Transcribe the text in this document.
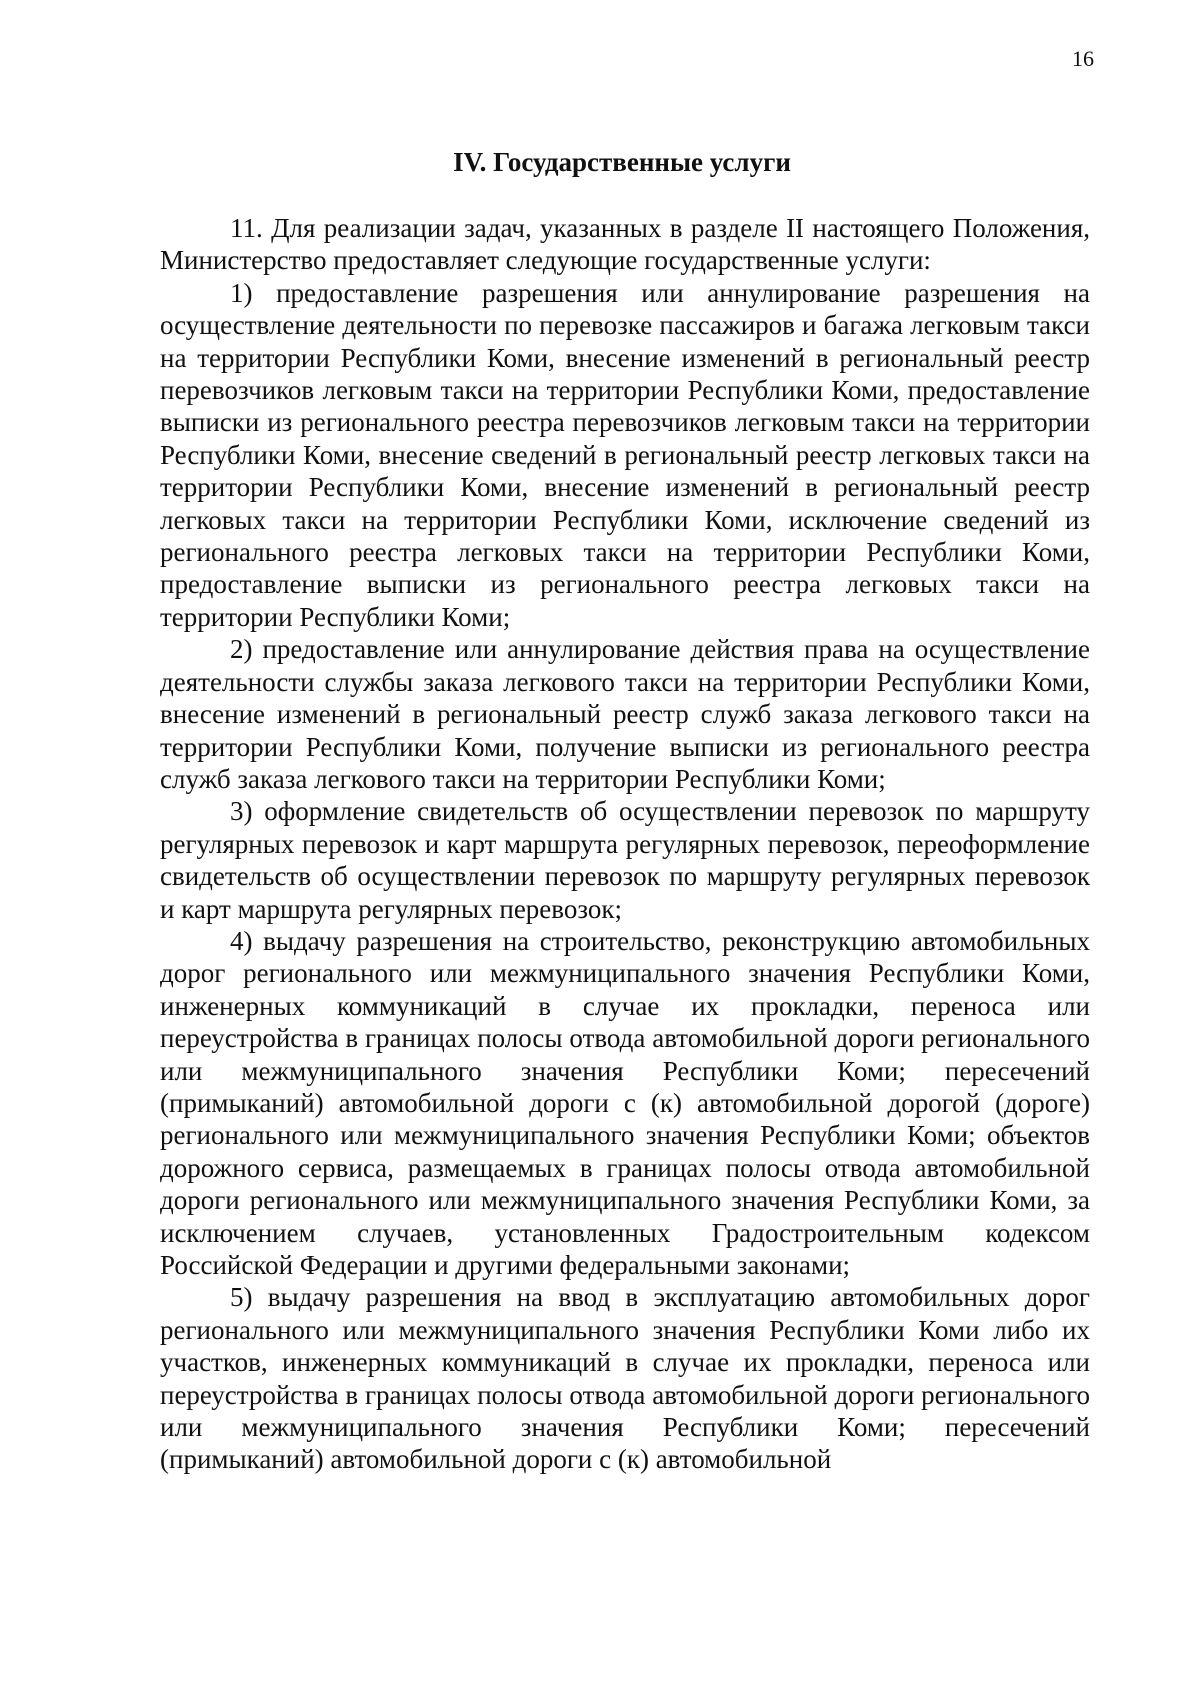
16
IV. Государственные услуги

11. Для реализации задач, указанных в разделе II настоящего Положения, Министерство предоставляет следующие государственные услуги:

1) предоставление разрешения или аннулирование разрешения на осуществление деятельности по перевозке пассажиров и багажа легковым такси на территории Республики Коми, внесение изменений в региональный реестр перевозчиков легковым такси на территории Республики Коми, предоставление выписки из регионального реестра перевозчиков легковым такси на территории Республики Коми, внесение сведений в региональный реестр легковых такси на территории Республики Коми, внесение изменений в региональный реестр легковых такси на территории Республики Коми, исключение сведений из регионального реестра легковых такси на территории Республики Коми, предоставление выписки из регионального реестра легковых такси на территории Республики Коми;

2) предоставление или аннулирование действия права на осуществление деятельности службы заказа легкового такси на территории Республики Коми, внесение изменений в региональный реестр служб заказа легкового такси на территории Республики Коми, получение выписки из регионального реестра служб заказа легкового такси на территории Республики Коми;

3) оформление свидетельств об осуществлении перевозок по маршруту регулярных перевозок и карт маршрута регулярных перевозок, переоформление свидетельств об осуществлении перевозок по маршруту регулярных перевозок и карт маршрута регулярных перевозок;

4) выдачу разрешения на строительство, реконструкцию автомобильных дорог регионального или межмуниципального значения Республики Коми, инженерных коммуникаций в случае их прокладки, переноса или переустройства в границах полосы отвода автомобильной дороги регионального или межмуниципального значения Республики Коми; пересечений (примыканий) автомобильной дороги с (к) автомобильной дорогой (дороге) регионального или межмуниципального значения Республики Коми; объектов дорожного сервиса, размещаемых в границах полосы отвода автомобильной дороги регионального или межмуниципального значения Республики Коми, за исключением случаев, установленных Градостроительным кодексом Российской Федерации и другими федеральными законами;

5) выдачу разрешения на ввод в эксплуатацию автомобильных дорог регионального или межмуниципального значения Республики Коми либо их участков, инженерных коммуникаций в случае их прокладки, переноса или переустройства в границах полосы отвода автомобильной дороги регионального или межмуниципального значения Республики Коми; пересечений (примыканий) автомобильной дороги с (к) автомобильной
